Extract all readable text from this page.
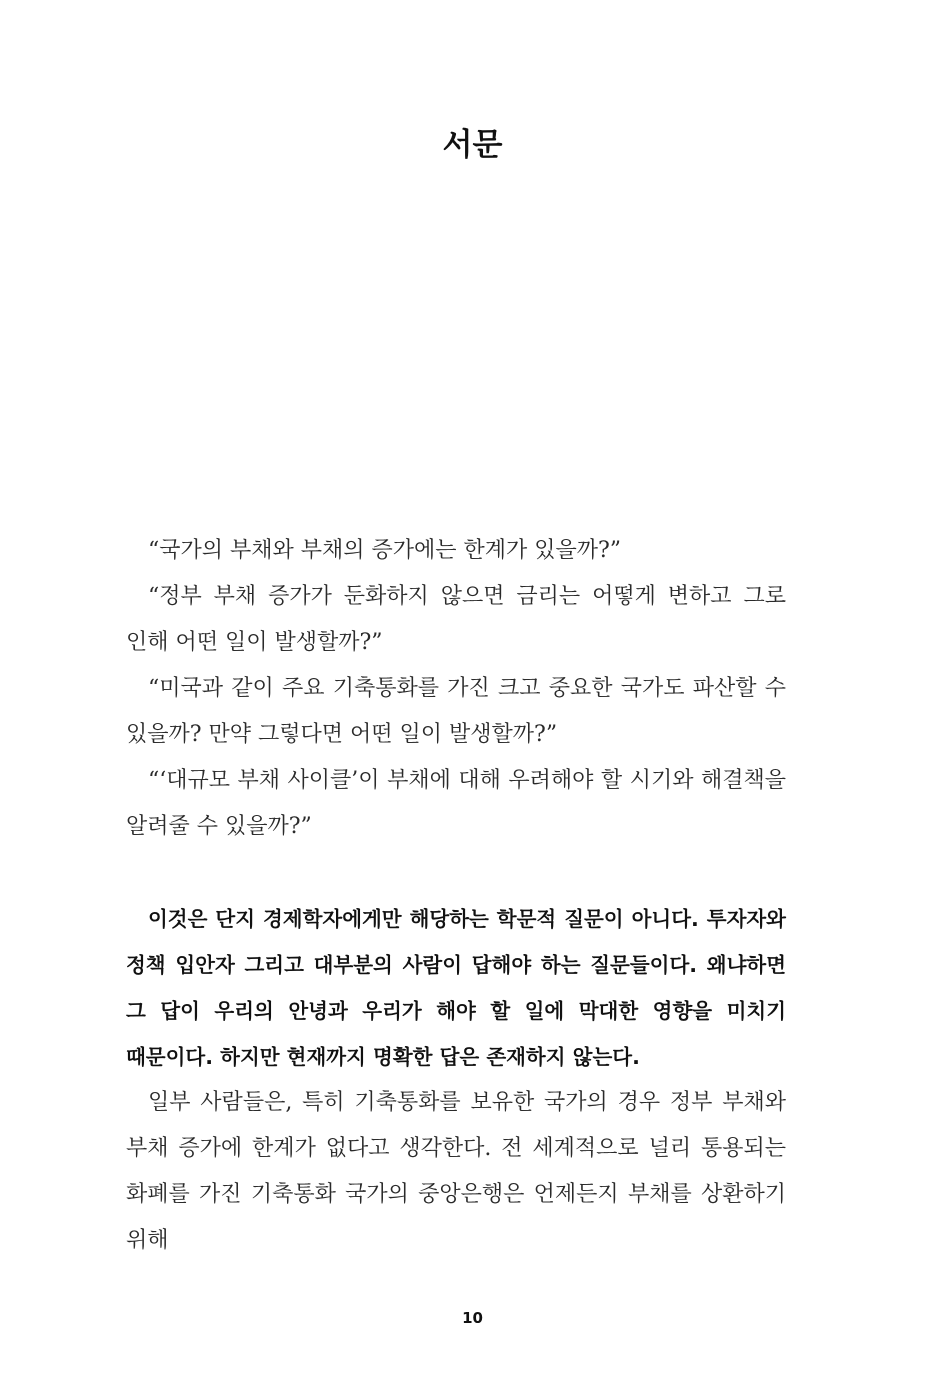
서문

“국가의 부채와 부채의 증가에는 한계가 있을까?”

“정부 부채 증가가 둔화하지 않으면 금리는 어떻게 변하고 그로 인해 어떤 일이 발생할까?”

“미국과 같이 주요 기축통화를 가진 크고 중요한 국가도 파산할 수 있을까? 만약 그렇다면 어떤 일이 발생할까?”

“‘대규모 부채 사이클’이 부채에 대해 우려해야 할 시기와 해결책을 알려줄 수 있을까?”

이것은 단지 경제학자에게만 해당하는 학문적 질문이 아니다. 투자자와 정책 입안자 그리고 대부분의 사람이 답해야 하는 질문들이다. 왜냐하면 그 답이 우리의 안녕과 우리가 해야 할 일에 막대한 영향을 미치기 때문이다. 하지만 현재까지 명확한 답은 존재하지 않는다.

일부 사람들은, 특히 기축통화를 보유한 국가의 경우 정부 부채와 부채 증가에 한계가 없다고 생각한다. 전 세계적으로 널리 통용되는 화폐를 가진 기축통화 국가의 중앙은행은 언제든지 부채를 상환하기 위해

10
